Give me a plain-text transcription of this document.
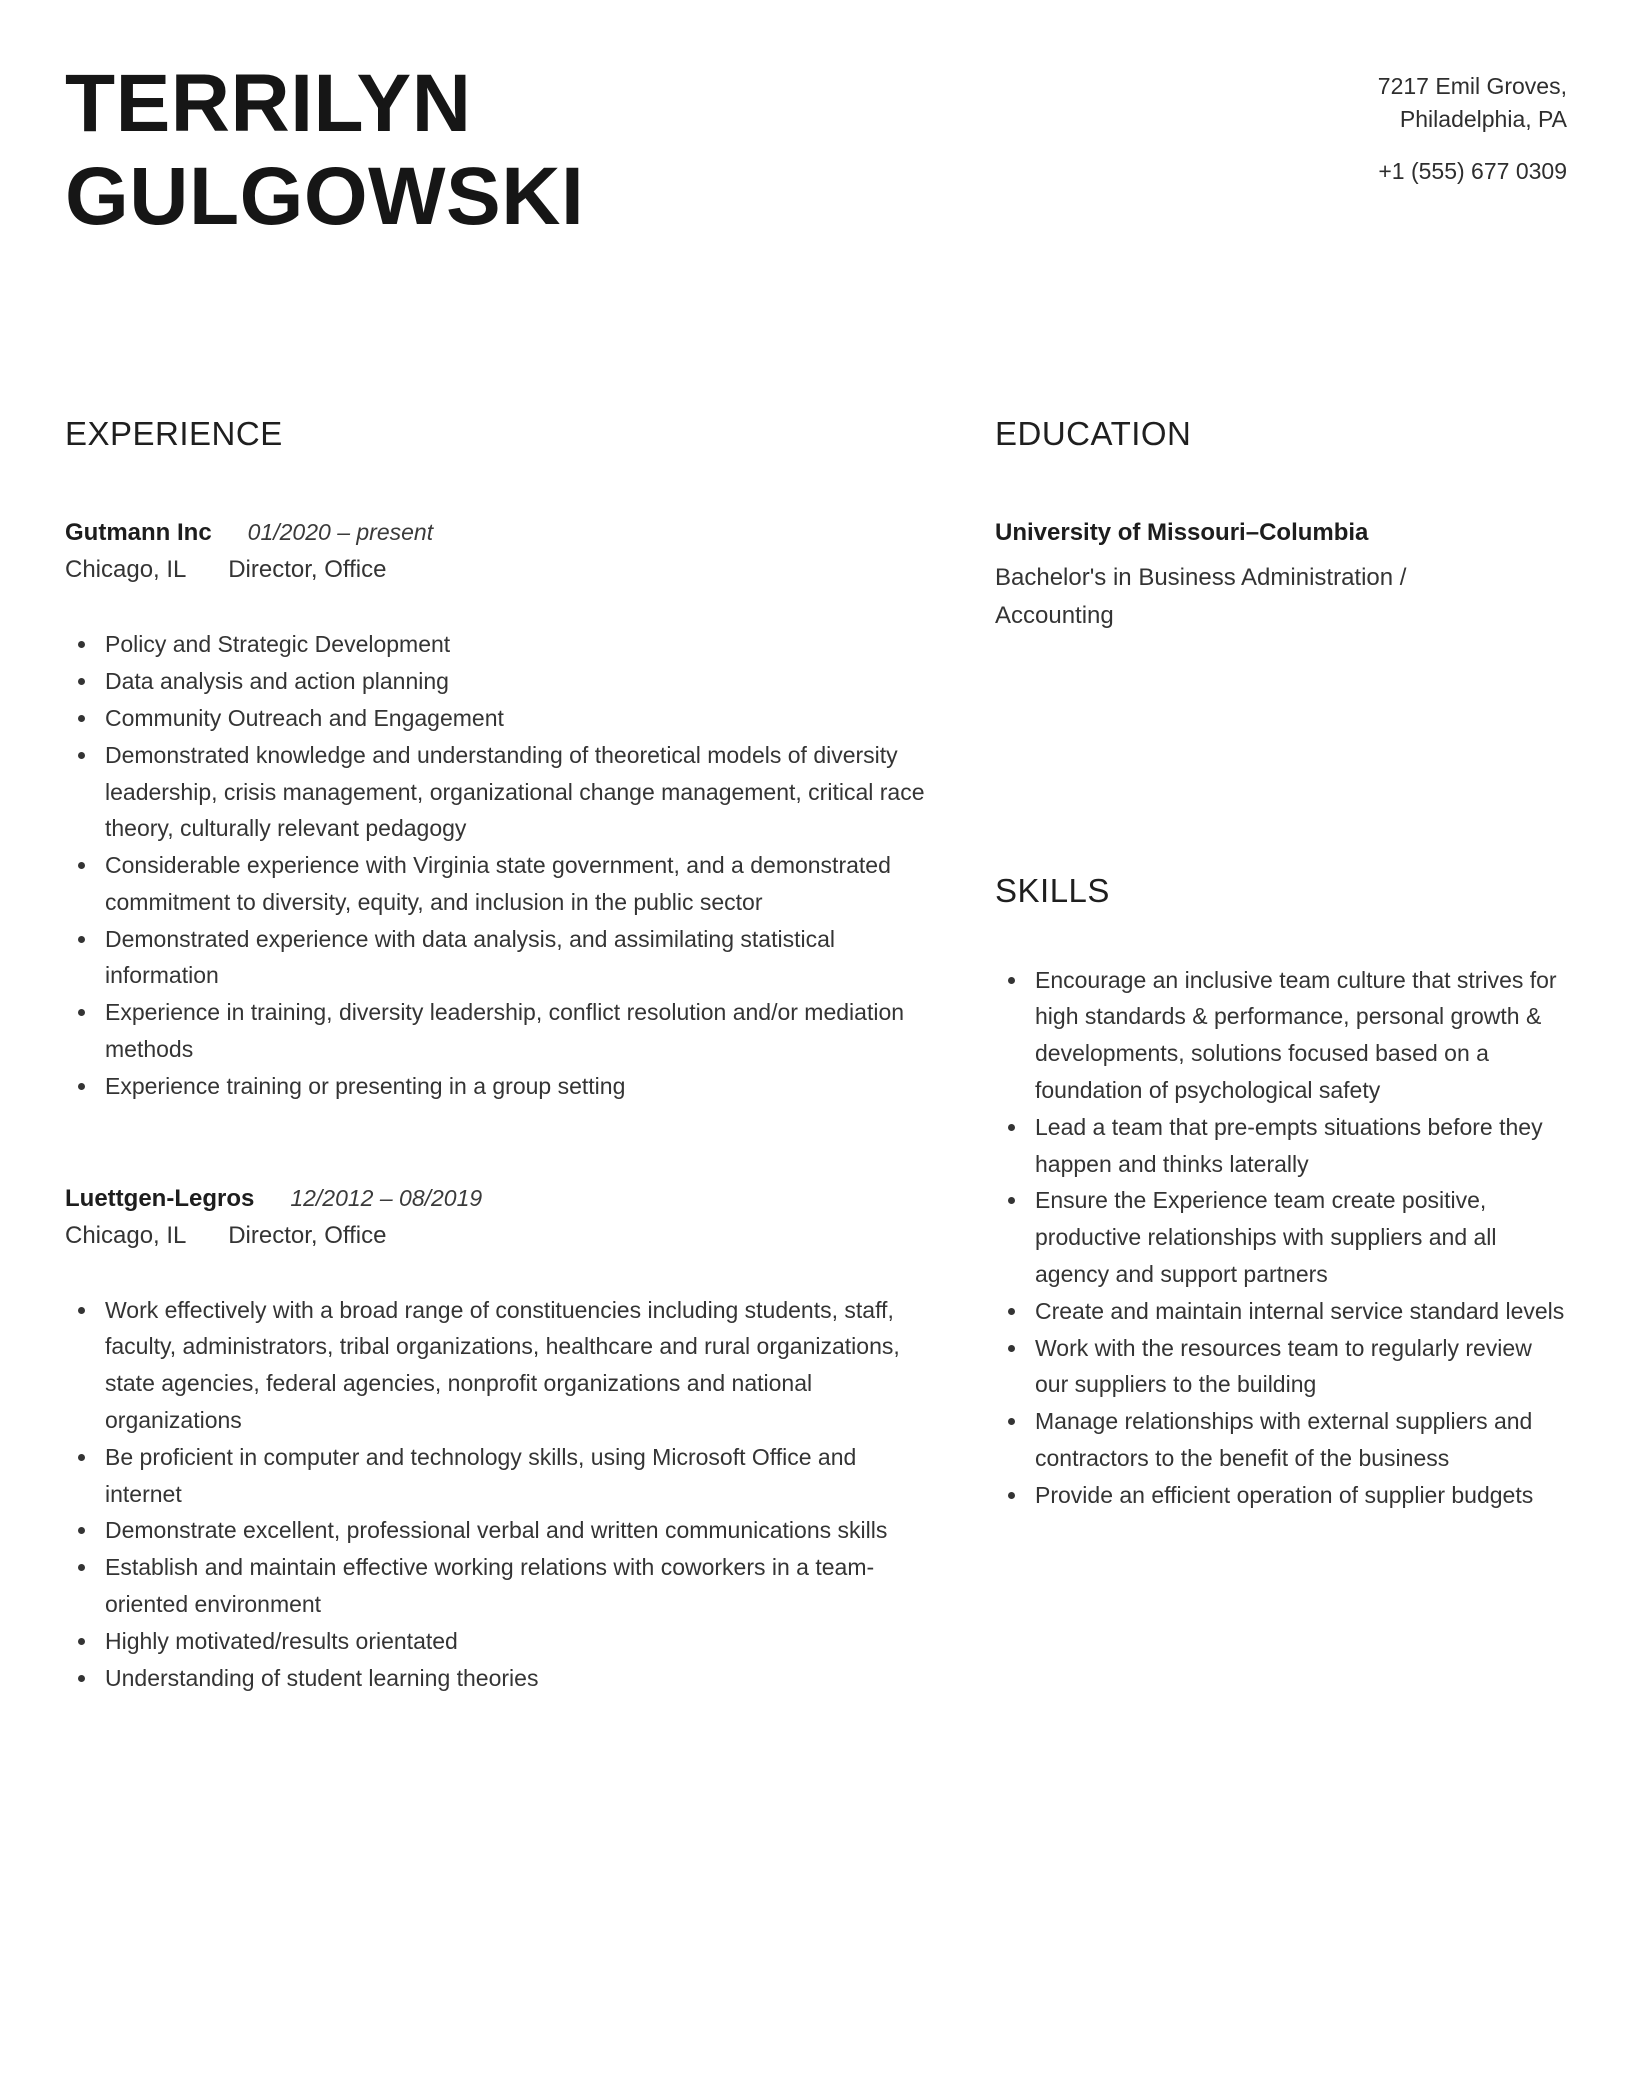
TERRILYN
GULGOWSKI
7217 Emil Groves,
Philadelphia, PA
+1 (555) 677 0309
EXPERIENCE
Gutmann Inc 01/2020 – present
Chicago, IL Director, Office
• Policy and Strategic Development
• Data analysis and action planning
• Community Outreach and Engagement
• Demonstrated knowledge and understanding of theoretical models of diversity leadership, crisis management, organizational change management, critical race theory, culturally relevant pedagogy
• Considerable experience with Virginia state government, and a demonstrated commitment to diversity, equity, and inclusion in the public sector
• Demonstrated experience with data analysis, and assimilating statistical information
• Experience in training, diversity leadership, conflict resolution and/or mediation methods
• Experience training or presenting in a group setting
Luettgen-Legros 12/2012 – 08/2019
Chicago, IL Director, Office
• Work effectively with a broad range of constituencies including students, staff, faculty, administrators, tribal organizations, healthcare and rural organizations, state agencies, federal agencies, nonprofit organizations and national organizations
• Be proficient in computer and technology skills, using Microsoft Office and internet
• Demonstrate excellent, professional verbal and written communications skills
• Establish and maintain effective working relations with coworkers in a team-oriented environment
• Highly motivated/results orientated
• Understanding of student learning theories
EDUCATION
University of Missouri–Columbia
Bachelor's in Business Administration / Accounting
SKILLS
• Encourage an inclusive team culture that strives for high standards & performance, personal growth & developments, solutions focused based on a foundation of psychological safety
• Lead a team that pre-empts situations before they happen and thinks laterally
• Ensure the Experience team create positive, productive relationships with suppliers and all agency and support partners
• Create and maintain internal service standard levels
• Work with the resources team to regularly review our suppliers to the building
• Manage relationships with external suppliers and contractors to the benefit of the business
• Provide an efficient operation of supplier budgets
